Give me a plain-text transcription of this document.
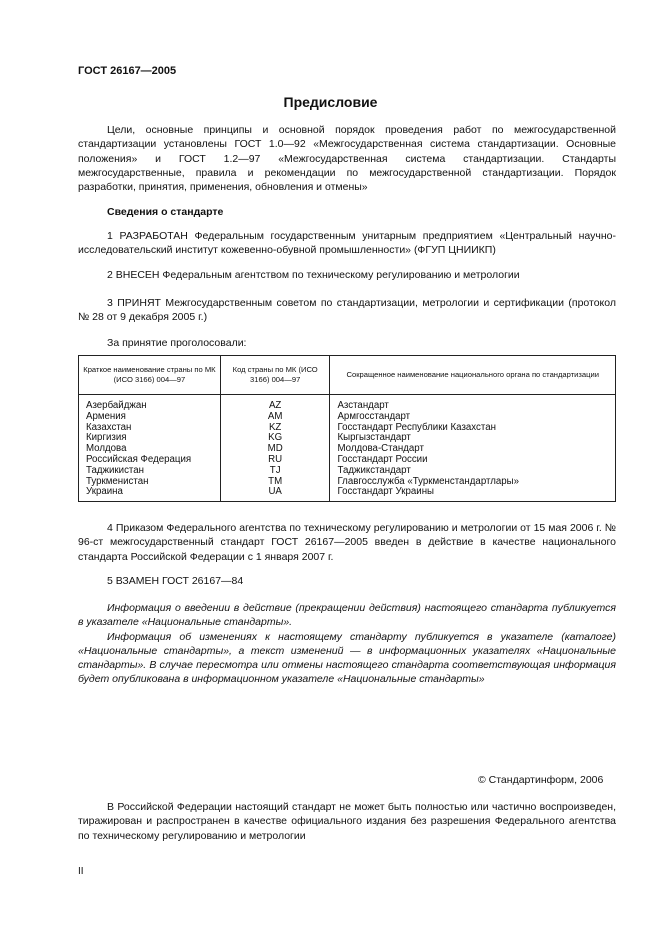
ГОСТ 26167—2005
Предисловие

Цели, основные принципы и основной порядок проведения работ по межгосударственной стандартизации установлены ГОСТ 1.0—92 «Межгосударственная система стандартизации. Основные положения» и ГОСТ 1.2—97 «Межгосударственная система стандартизации. Стандарты межгосударственные, правила и рекомендации по межгосударственной стандартизации. Порядок разработки, принятия, применения, обновления и отмены»

Сведения о стандарте

1 РАЗРАБОТАН Федеральным государственным унитарным предприятием «Центральный научно-исследовательский институт кожевенно-обувной промышленности» (ФГУП ЦНИИКП)

2 ВНЕСЕН Федеральным агентством по техническому регулированию и метрологии

3 ПРИНЯТ Межгосударственным советом по стандартизации, метрологии и сертификации (протокол № 28 от 9 декабря 2005 г.)

За принятие проголосовали:
Краткое наименование страны по МК (ИСО 3166) 004—97	Код страны по МК (ИСО 3166) 004—97	Сокращенное наименование национального органа по стандартизации
Азербайджан	AZ	Азстандарт
Армения	AM	Армгосстандарт
Казахстан	KZ	Госстандарт Республики Казахстан
Киргизия	KG	Кыргызстандарт
Молдова	MD	Молдова-Стандарт
Российская Федерация	RU	Госстандарт России
Таджикистан	TJ	Таджикстандарт
Туркменистан	TM	Главгосслужба «Туркменстандартлары»
Украина	UA	Госстандарт Украины

4 Приказом Федерального агентства по техническому регулированию и метрологии от 15 мая 2006 г. № 96-ст межгосударственный стандарт ГОСТ 26167—2005 введен в действие в качестве национального стандарта Российской Федерации с 1 января 2007 г.

5 ВЗАМЕН ГОСТ 26167—84

Информация о введении в действие (прекращении действия) настоящего стандарта публикуется в указателе «Национальные стандарты».

Информация об изменениях к настоящему стандарту публикуется в указателе (каталоге) «Национальные стандарты», а текст изменений — в информационных указателях «Национальные стандарты». В случае пересмотра или отмены настоящего стандарта соответствующая информация будет опубликована в информационном указателе «Национальные стандарты»

© Стандартинформ, 2006

В Российской Федерации настоящий стандарт не может быть полностью или частично воспроизведен, тиражирован и распространен в качестве официального издания без разрешения Федерального агентства по техническому регулированию и метрологии

II
